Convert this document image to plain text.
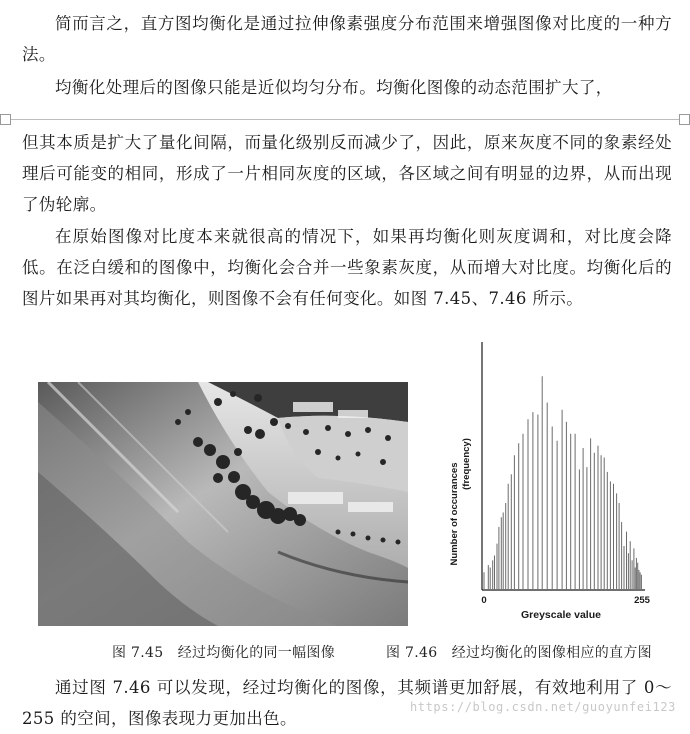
简而言之，直方图均衡化是通过拉伸像素强度分布范围来增强图像对比度的一种方法。

均衡化处理后的图像只能是近似均匀分布。均衡化图像的动态范围扩大了，

但其本质是扩大了量化间隔，而量化级别反而减少了，因此，原来灰度不同的象素经处理后可能变的相同，形成了一片相同灰度的区域，各区域之间有明显的边界，从而出现了伪轮廓。

在原始图像对比度本来就很高的情况下，如果再均衡化则灰度调和，对比度会降低。在泛白缓和的图像中，均衡化会合并一些象素灰度，从而增大对比度。均衡化后的图片如果再对其均衡化，则图像不会有任何变化。如图 7.45、7.46 所示。

Number of occurances (frequency)
0	255
Greyscale value
图 7.45　经过均衡化的同一幅图像	图 7.46　经过均衡化的图像相应的直方图

通过图 7.46 可以发现，经过均衡化的图像，其频谱更加舒展，有效地利用了 0～255 的空间，图像表现力更加出色。

https://blog.csdn.net/guoyunfei123
